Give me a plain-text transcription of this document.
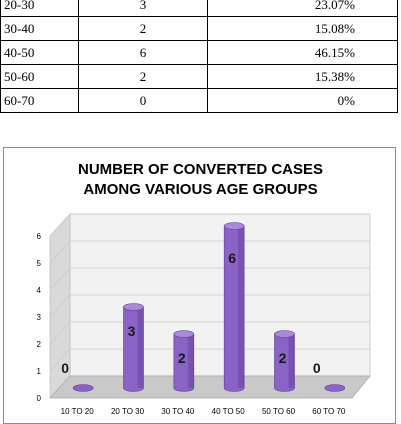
20-30	3	23.07%
30-40	2	15.08%
40-50	6	46.15%
50-60	2	15.38%
60-70	0	0%
NUMBER OF CONVERTED CASES
AMONG VARIOUS AGE GROUPS
0
1
2
3
4
5
6
0
10 TO 20
3
20 TO 30
2
30 TO 40
6
40 TO 50
2
50 TO 60
0
60 TO 70
